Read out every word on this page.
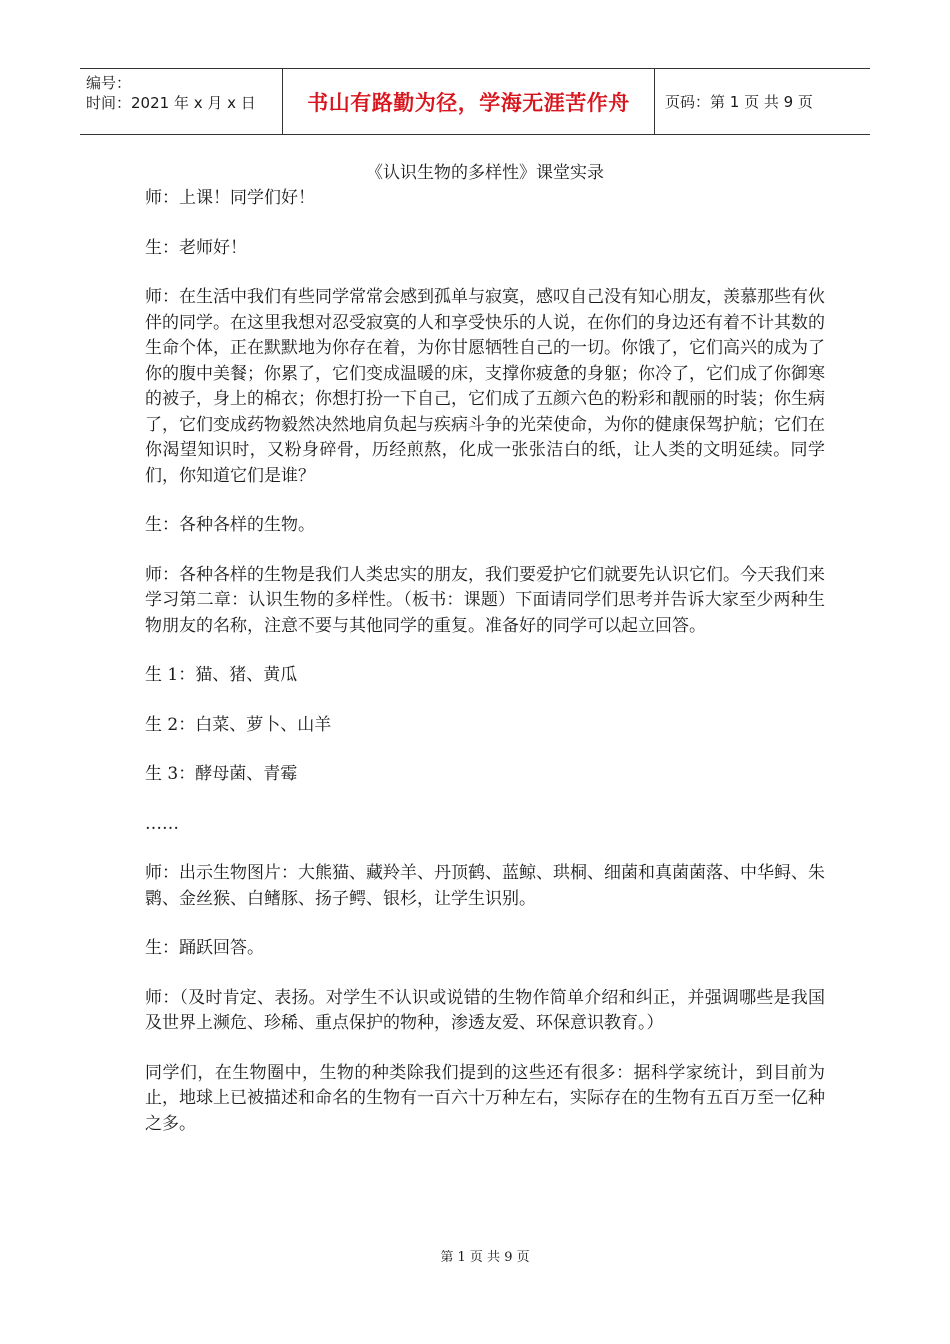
编号：
时间：2021 年 x 月 x 日	书山有路勤为径，学海无涯苦作舟 页码：第 1 页 共 9 页
《认识生物的多样性》课堂实录

师：上课！同学们好！

生：老师好！

师：在生活中我们有些同学常常会感到孤单与寂寞，感叹自己没有知心朋友，羡慕那些有伙伴的同学。在这里我想对忍受寂寞的人和享受快乐的人说，在你们的身边还有着不计其数的生命个体，正在默默地为你存在着，为你甘愿牺牲自己的一切。你饿了，它们高兴的成为了你的腹中美餐；你累了，它们变成温暖的床，支撑你疲惫的身躯；你冷了，它们成了你御寒的被子，身上的棉衣；你想打扮一下自己，它们成了五颜六色的粉彩和靓丽的时装；你生病了，它们变成药物毅然决然地肩负起与疾病斗争的光荣使命，为你的健康保驾护航；它们在你渴望知识时，又粉身碎骨，历经煎熬，化成一张张洁白的纸，让人类的文明延续。同学们，你知道它们是谁？

生：各种各样的生物。

师：各种各样的生物是我们人类忠实的朋友，我们要爱护它们就要先认识它们。今天我们来学习第二章：认识生物的多样性。（板书：课题）下面请同学们思考并告诉大家至少两种生物朋友的名称，注意不要与其他同学的重复。准备好的同学可以起立回答。

生 1：猫、猪、黄瓜

生 2：白菜、萝卜、山羊

生 3：酵母菌、青霉

……

师：出示生物图片：大熊猫、藏羚羊、丹顶鹤、蓝鲸、珙桐、细菌和真菌菌落、中华鲟、朱鹮、金丝猴、白鳍豚、扬子鳄、银杉，让学生识别。

生：踊跃回答。

师：（及时肯定、表扬。对学生不认识或说错的生物作简单介绍和纠正，并强调哪些是我国及世界上濒危、珍稀、重点保护的物种，渗透友爱、环保意识教育。）

同学们，在生物圈中，生物的种类除我们提到的这些还有很多：据科学家统计，到目前为止，地球上已被描述和命名的生物有一百六十万种左右，实际存在的生物有五百万至一亿种之多。

第 1 页 共 9 页
